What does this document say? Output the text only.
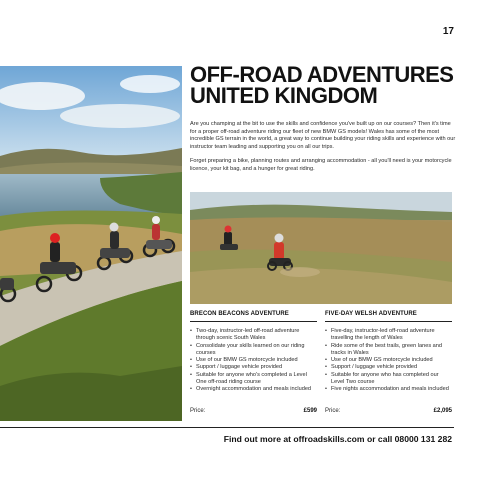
17
OFF-ROAD ADVENTURES
UNITED KINGDOM

Are you champing at the bit to use the skills and confidence you've built up on our courses? Then it's time for a proper off-road adventure riding our fleet of new BMW GS models! Wales has some of the most incredible GS terrain in the world, a great way to continue building your riding skills and experience with our instructor team leading and supporting you on all our trips.

Forget preparing a bike, planning routes and arranging accommodation - all you'll need is your motorcycle licence, your kit bag, and a hunger for great riding.

BRECON BEACONS ADVENTURE
• Two-day, instructor-led off-road adventure through scenic South Wales
• Consolidate your skills learned on our riding courses
• Use of our BMW GS motorcycle included
• Support / luggage vehicle provided
• Suitable for anyone who's completed a Level One off-road riding course
• Overnight accommodation and meals included
FIVE-DAY WELSH ADVENTURE
• Five-day, instructor-led off-road adventure travelling the length of Wales
• Ride some of the best trails, green lanes and tracks in Wales
• Use of our BMW GS motorcycle included
• Support / luggage vehicle provided
• Suitable for anyone who has completed our Level Two course
• Five nights accommodation and meals included
Price:	£599 Price:	£2,095
Find out more at offroadskills.com or call 08000 131 282
